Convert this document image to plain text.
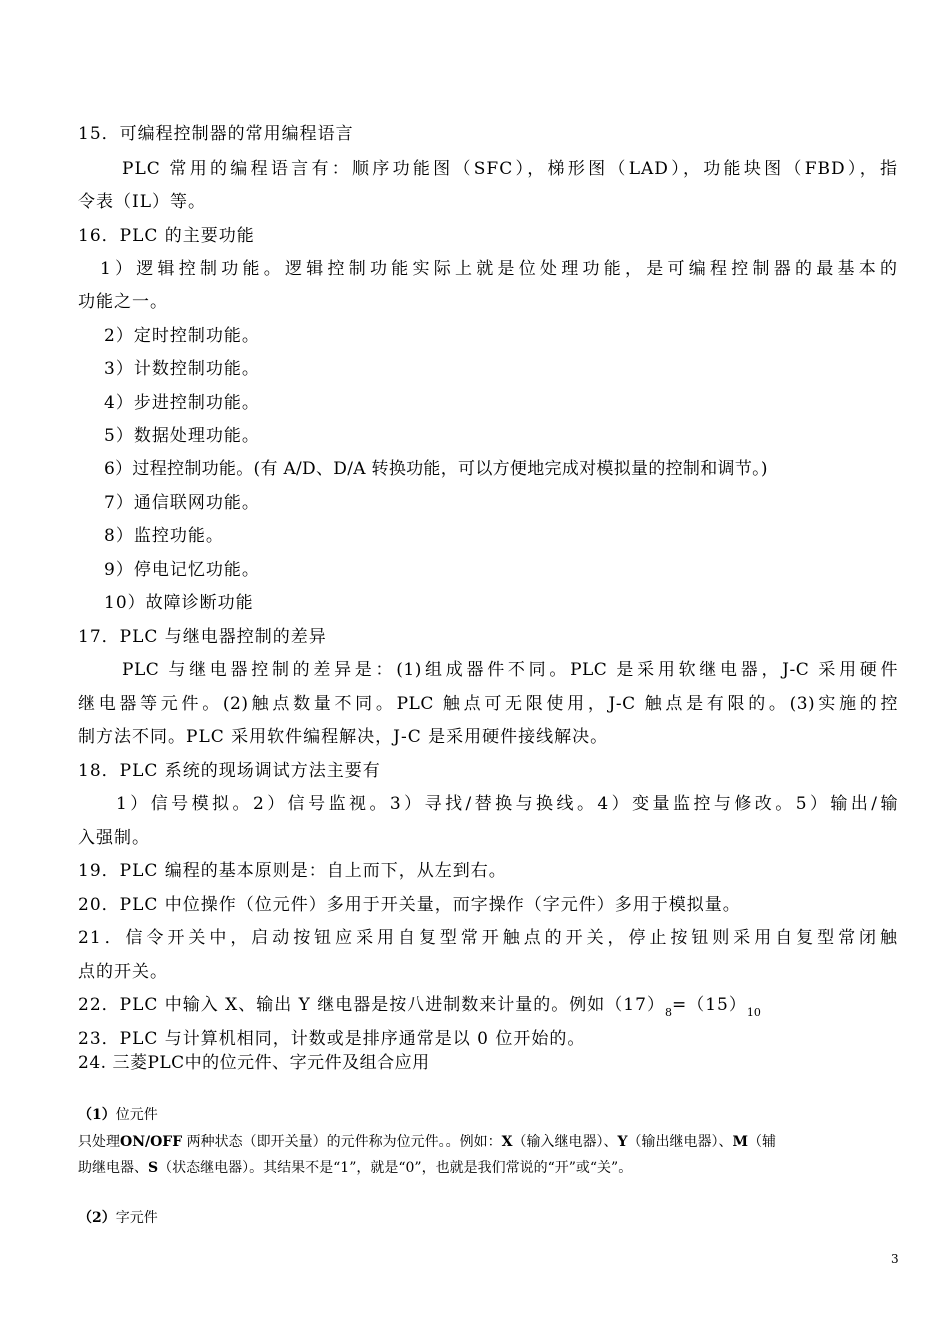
15．可编程控制器的常用编程语言
PLC 常用的编程语言有：顺序功能图（SFC），梯形图（LAD），功能块图（FBD），指
令表（IL）等。
16．PLC 的主要功能
1）逻辑控制功能。逻辑控制功能实际上就是位处理功能，是可编程控制器的最基本的
功能之一。
2）定时控制功能。
3）计数控制功能。
4）步进控制功能。
5）数据处理功能。
6）过程控制功能。(有 A/D、D/A 转换功能，可以方便地完成对模拟量的控制和调节。)
7）通信联网功能。
8）监控功能。
9）停电记忆功能。
10）故障诊断功能
17．PLC 与继电器控制的差异
PLC 与继电器控制的差异是：(1)组成器件不同。PLC 是采用软继电器，J-C 采用硬件
继电器等元件。(2)触点数量不同。PLC 触点可无限使用，J-C 触点是有限的。(3)实施的控
制方法不同。PLC 采用软件编程解决，J-C 是采用硬件接线解决。
18．PLC 系统的现场调试方法主要有
1）信号模拟。2）信号监视。3）寻找/替换与换线。4）变量监控与修改。5）输出/输
入强制。
19．PLC 编程的基本原则是：自上而下，从左到右。
20．PLC 中位操作（位元件）多用于开关量，而字操作（字元件）多用于模拟量。
21．信令开关中，启动按钮应采用自复型常开触点的开关，停止按钮则采用自复型常闭触
点的开关。
22．PLC 中输入 X、输出 Y 继电器是按八进制数来计量的。例如$(17)_8=(15)_{10}$
23．PLC 与计算机相同，计数或是排序通常是以 0 位开始的。
24. 三菱PLC中的位元件、字元件及组合应用
（1）位元件
只处理ON/OFF 两种状态（即开关量）的元件称为位元件。。例如：X（输入继电器）、Y（输出继电器）、M（辅
助继电器、S（状态继电器）。其结果不是“1”，就是“0”，也就是我们常说的“开”或“关”。
（2）字元件
3
